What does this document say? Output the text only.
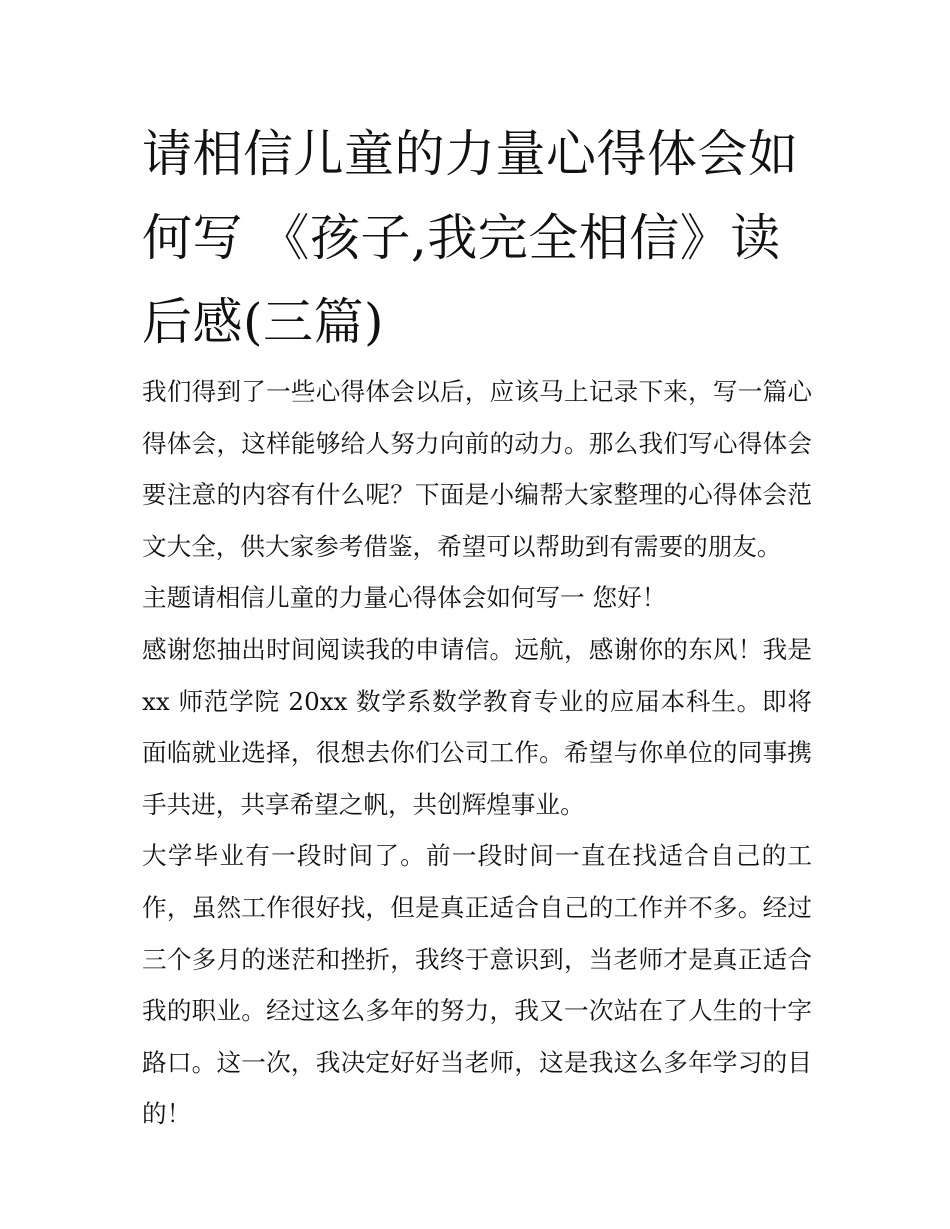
请相信儿童的力量心得体会如何写 《孩子,我完全相信》读后感(三篇)

我们得到了一些心得体会以后，应该马上记录下来，写一篇心得体会，这样能够给人努力向前的动力。那么我们写心得体会要注意的内容有什么呢？下面是小编帮大家整理的心得体会范文大全，供大家参考借鉴，希望可以帮助到有需要的朋友。

主题请相信儿童的力量心得体会如何写一 您好！

感谢您抽出时间阅读我的申请信。远航，感谢你的东风！我是xx 师范学院 20xx 数学系数学教育专业的应届本科生。即将面临就业选择，很想去你们公司工作。希望与你单位的同事携手共进，共享希望之帆，共创辉煌事业。

大学毕业有一段时间了。前一段时间一直在找适合自己的工作，虽然工作很好找，但是真正适合自己的工作并不多。经过三个多月的迷茫和挫折，我终于意识到，当老师才是真正适合我的职业。经过这么多年的努力，我又一次站在了人生的十字路口。这一次，我决定好好当老师，这是我这么多年学习的目的！
